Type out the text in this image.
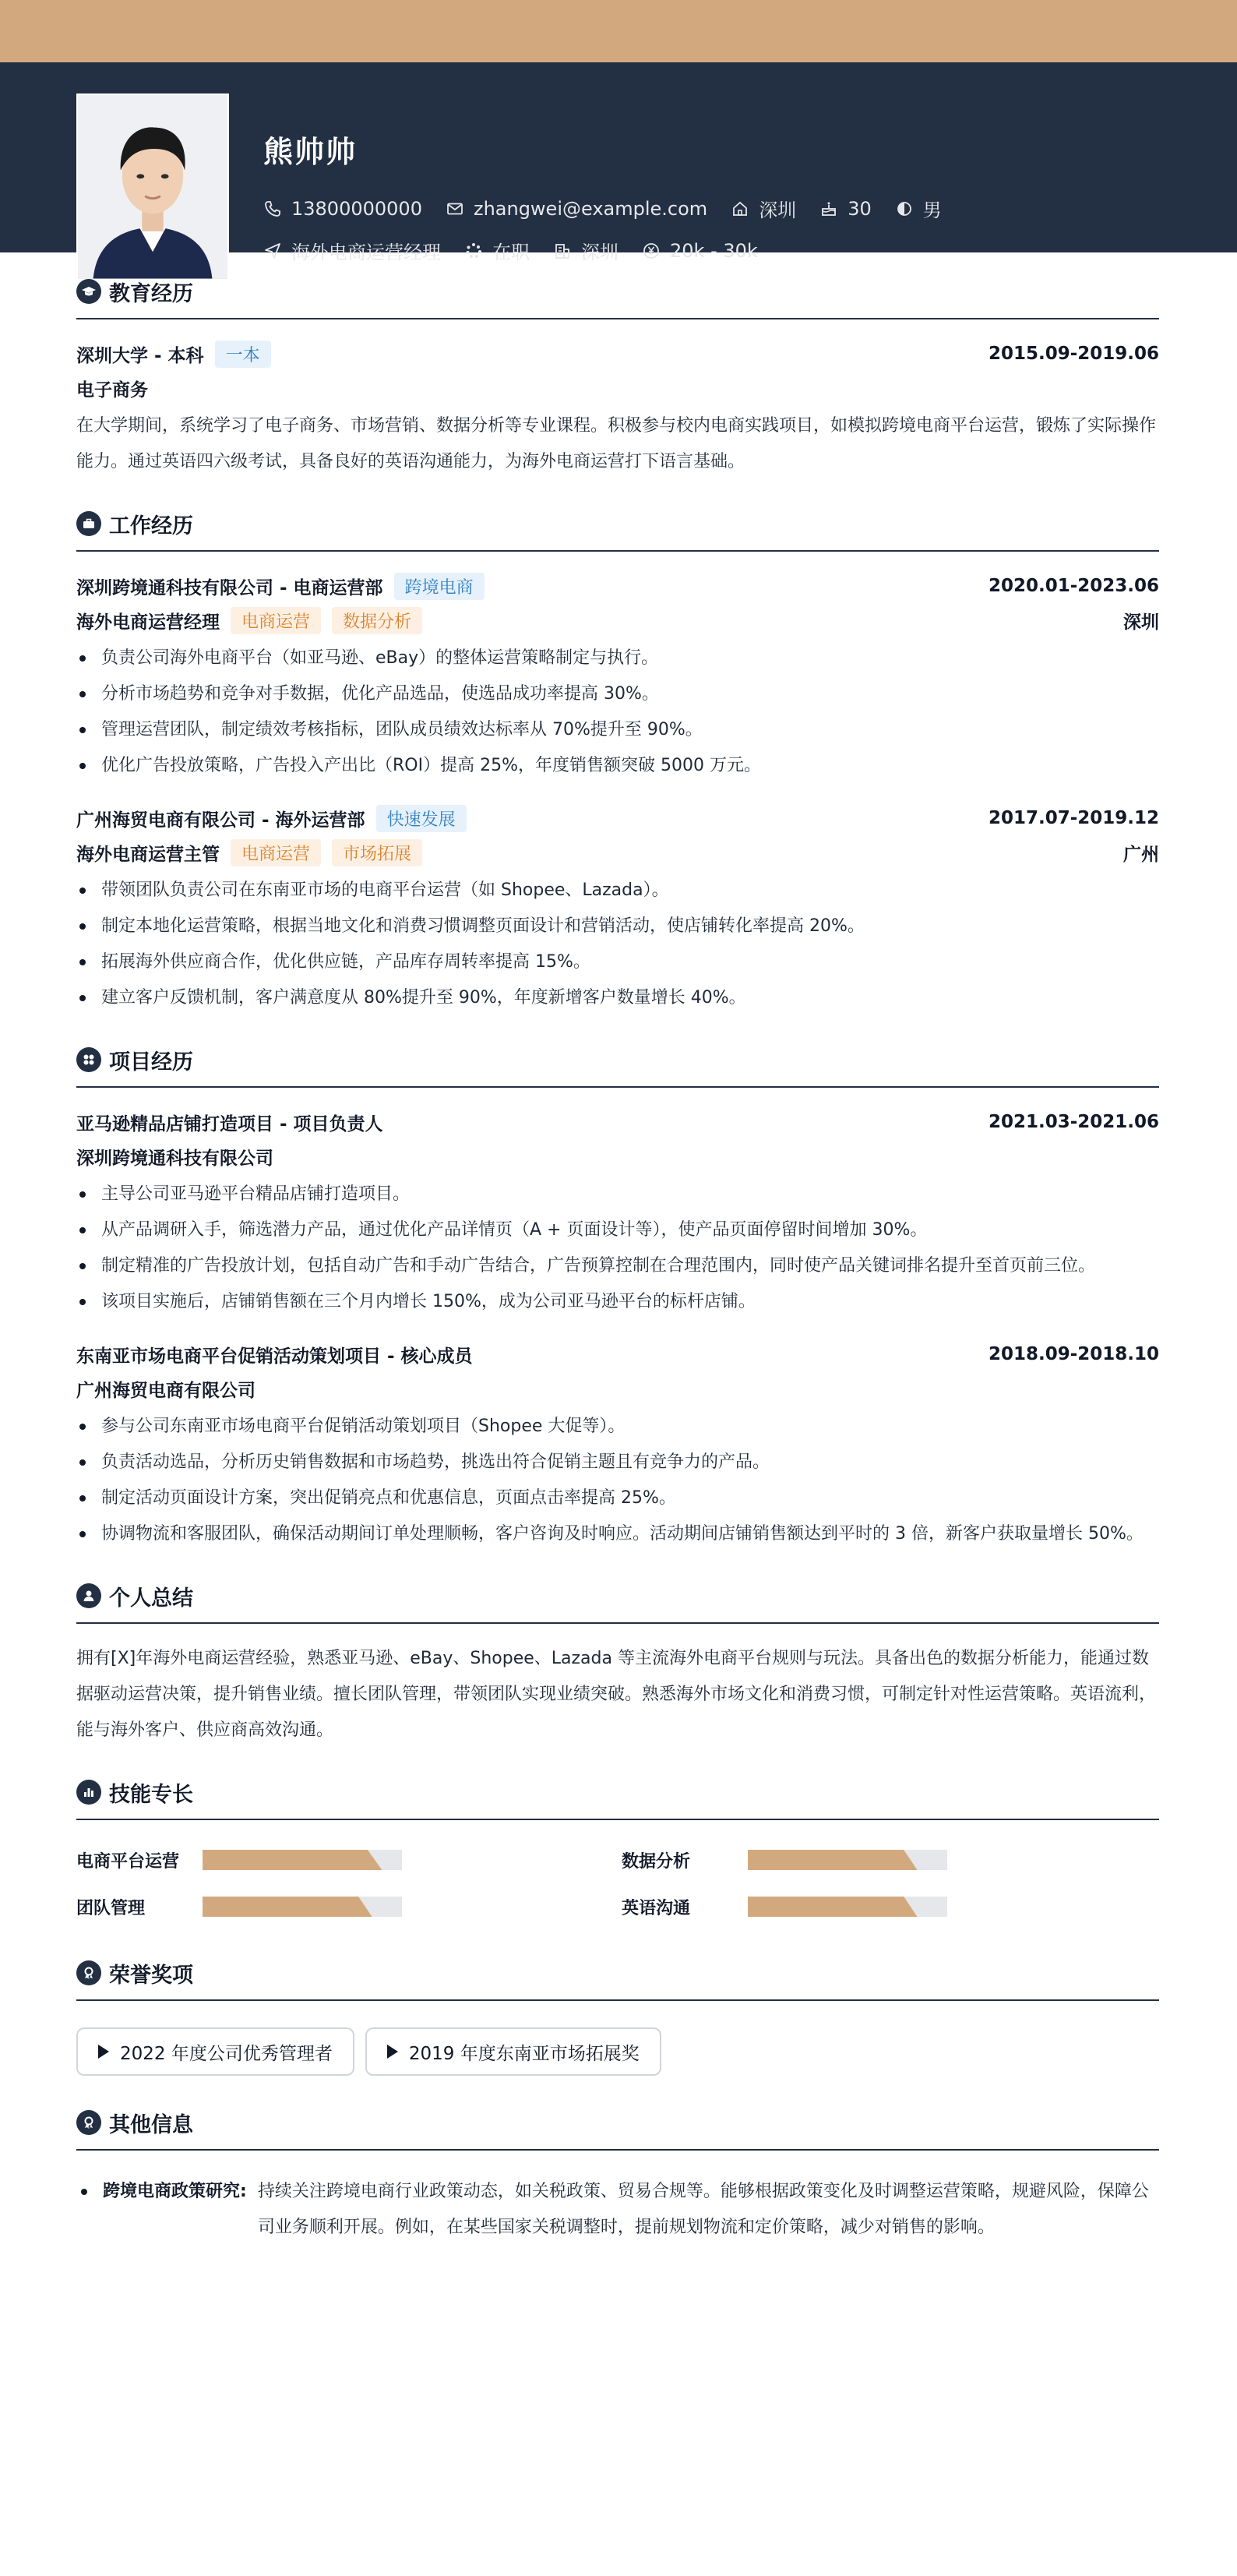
熊帅帅
13800000000	zhangwei@example.com	深圳	30	男
海外电商运营经理	在职	深圳	20k - 30k
教育经历
深圳大学 - 本科	一本	2015.09-2019.06
电子商务
在大学期间，系统学习了电子商务、市场营销、数据分析等专业课程。积极参与校内电商实践项目，如模拟跨境电商平台运营，锻炼了实际操作能力。通过英语四六级考试，具备良好的英语沟通能力，为海外电商运营打下语言基础。
工作经历
深圳跨境通科技有限公司 - 电商运营部	跨境电商	2020.01-2023.06
海外电商运营经理	电商运营	数据分析	深圳
负责公司海外电商平台（如亚马逊、eBay）的整体运营策略制定与执行。
分析市场趋势和竞争对手数据，优化产品选品，使选品成功率提高 30%。
管理运营团队，制定绩效考核指标，团队成员绩效达标率从 70%提升至 90%。
优化广告投放策略，广告投入产出比（ROI）提高 25%，年度销售额突破 5000 万元。
广州海贸电商有限公司 - 海外运营部	快速发展	2017.07-2019.12
海外电商运营主管	电商运营	市场拓展	广州
带领团队负责公司在东南亚市场的电商平台运营（如 Shopee、Lazada）。
制定本地化运营策略，根据当地文化和消费习惯调整页面设计和营销活动，使店铺转化率提高 20%。
拓展海外供应商合作，优化供应链，产品库存周转率提高 15%。
建立客户反馈机制，客户满意度从 80%提升至 90%，年度新增客户数量增长 40%。
项目经历
亚马逊精品店铺打造项目 - 项目负责人	2021.03-2021.06
深圳跨境通科技有限公司
主导公司亚马逊平台精品店铺打造项目。
从产品调研入手，筛选潜力产品，通过优化产品详情页（A + 页面设计等），使产品页面停留时间增加 30%。
制定精准的广告投放计划，包括自动广告和手动广告结合，广告预算控制在合理范围内，同时使产品关键词排名提升至首页前三位。
该项目实施后，店铺销售额在三个月内增长 150%，成为公司亚马逊平台的标杆店铺。
东南亚市场电商平台促销活动策划项目 - 核心成员	2018.09-2018.10
广州海贸电商有限公司
参与公司东南亚市场电商平台促销活动策划项目（Shopee 大促等）。
负责活动选品，分析历史销售数据和市场趋势，挑选出符合促销主题且有竞争力的产品。
制定活动页面设计方案，突出促销亮点和优惠信息，页面点击率提高 25%。
协调物流和客服团队，确保活动期间订单处理顺畅，客户咨询及时响应。活动期间店铺销售额达到平时的 3 倍，新客户获取量增长 50%。
个人总结
拥有[X]年海外电商运营经验，熟悉亚马逊、eBay、Shopee、Lazada 等主流海外电商平台规则与玩法。具备出色的数据分析能力，能通过数据驱动运营决策，提升销售业绩。擅长团队管理，带领团队实现业绩突破。熟悉海外市场文化和消费习惯，可制定针对性运营策略。英语流利，能与海外客户、供应商高效沟通。
技能专长
电商平台运营	数据分析
团队管理	英语沟通
荣誉奖项
2022 年度公司优秀管理者	2019 年度东南亚市场拓展奖
其他信息
跨境电商政策研究: 持续关注跨境电商行业政策动态，如关税政策、贸易合规等。能够根据政策变化及时调整运营策略，规避风险，保障公司业务顺利开展。例如，在某些国家关税调整时，提前规划物流和定价策略，减少对销售的影响。
